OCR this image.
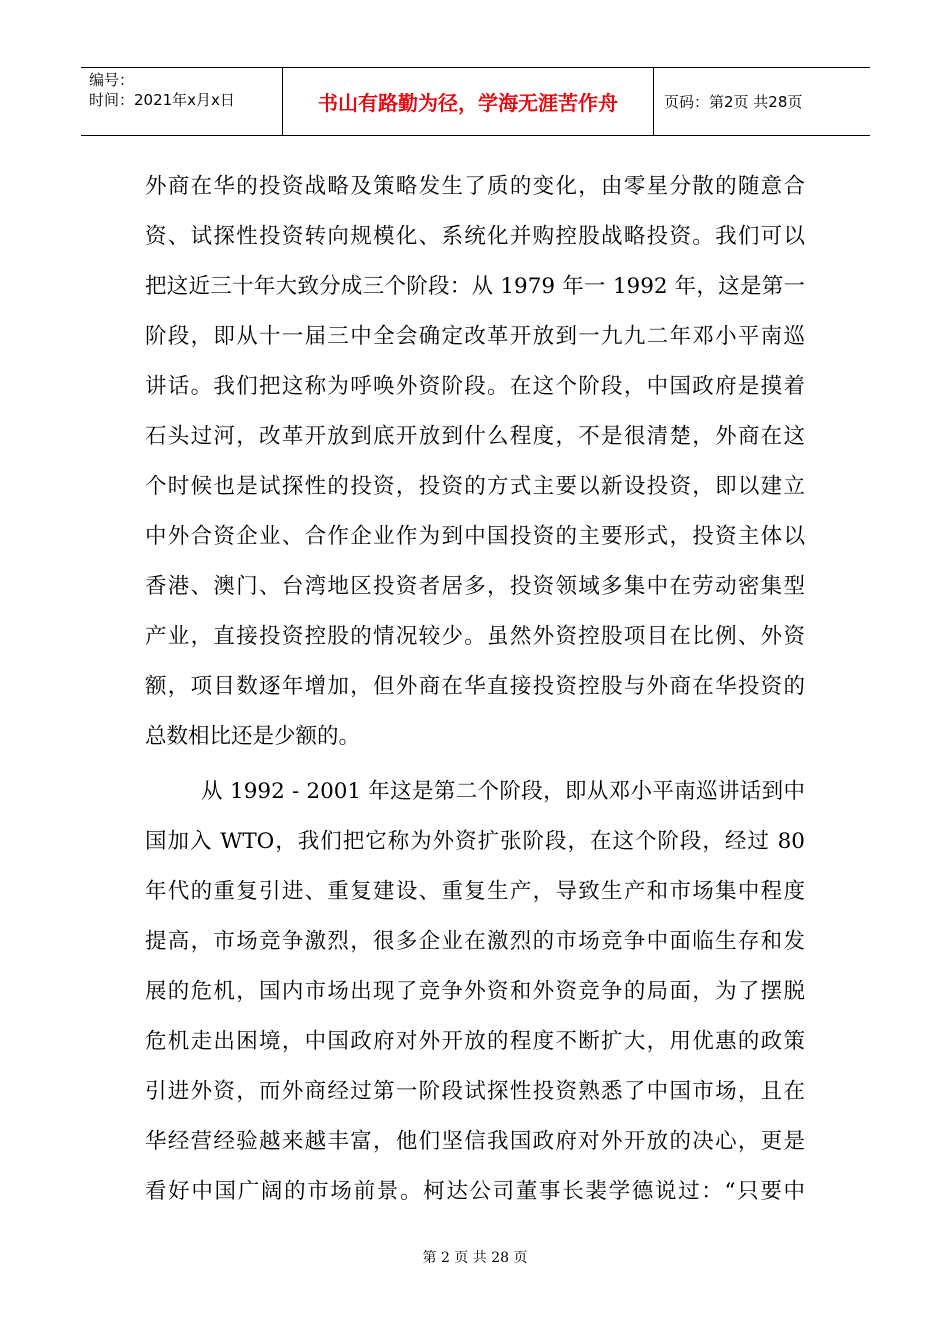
编号：
时间：2021年x月x日	书山有路勤为径，学海无涯苦作舟	页码：第2页 共28页
外商在华的投资战略及策略发生了质的变化，由零星分散的随意合
资、试探性投资转向规模化、系统化并购控股战略投资。我们可以
把这近三十年大致分成三个阶段：从 1979 年一 1992 年，这是第一
阶段，即从十一届三中全会确定改革开放到一九九二年邓小平南巡
讲话。我们把这称为呼唤外资阶段。在这个阶段，中国政府是摸着
石头过河，改革开放到底开放到什么程度，不是很清楚，外商在这
个时候也是试探性的投资，投资的方式主要以新设投资，即以建立
中外合资企业、合作企业作为到中国投资的主要形式，投资主体以
香港、澳门、台湾地区投资者居多，投资领域多集中在劳动密集型
产业，直接投资控股的情况较少。虽然外资控股项目在比例、外资
额，项目数逐年增加，但外商在华直接投资控股与外商在华投资的
总数相比还是少额的。
从 1992 - 2001 年这是第二个阶段，即从邓小平南巡讲话到中
国加入 WTO，我们把它称为外资扩张阶段，在这个阶段，经过 80
年代的重复引进、重复建设、重复生产，导致生产和市场集中程度
提高，市场竞争激烈，很多企业在激烈的市场竞争中面临生存和发
展的危机，国内市场出现了竞争外资和外资竞争的局面，为了摆脱
危机走出困境，中国政府对外开放的程度不断扩大，用优惠的政策
引进外资，而外商经过第一阶段试探性投资熟悉了中国市场，且在
华经营经验越来越丰富，他们坚信我国政府对外开放的决心，更是
看好中国广阔的市场前景。柯达公司董事长裴学德说过：“只要中
第 2 页 共 28 页
